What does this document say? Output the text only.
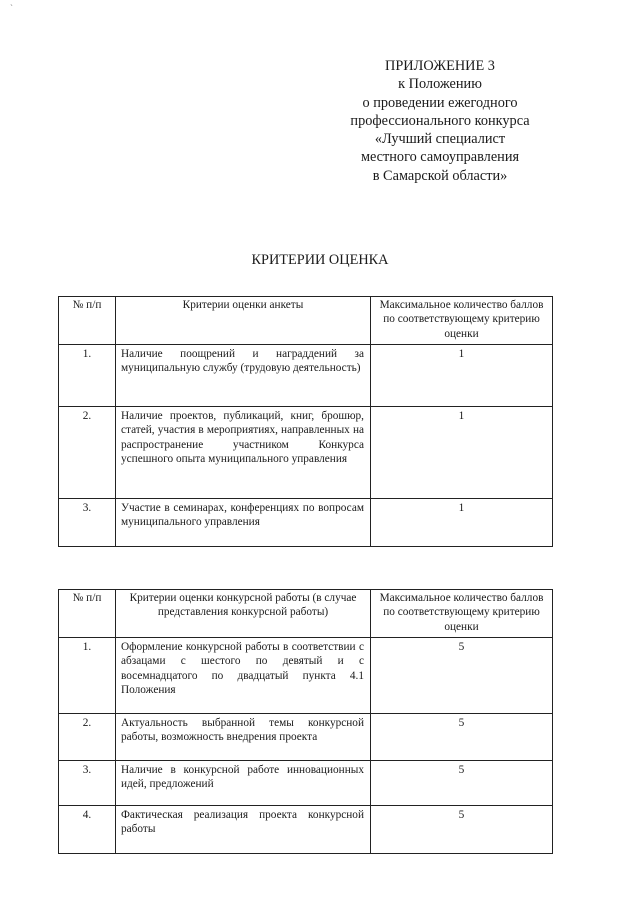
`
ПРИЛОЖЕНИЕ 3
к Положению
о проведении ежегодного
профессионального конкурса
«Лучший специалист
местного самоуправления
в Самарской области»
КРИТЕРИИ ОЦЕНКА
№ п/п	Критерии оценки анкеты	Максимальное количество баллов по соответствующему критерию оценки
1.	Наличие поощрений и награддений за муниципальную службу (трудовую деятельность)	1
2.	Наличие проектов, публикаций, книг, брошюр, статей, участия в мероприятиях, направленных на распространение участником Конкурса успешного опыта муниципального управления	1
3.	Участие в семинарах, конференциях по вопросам муниципального управления	1
№ п/п	Критерии оценки конкурсной работы (в случае представления конкурсной работы)	Максимальное количество баллов по соответствующему критерию оценки
1.	Оформление конкурсной работы в соответствии с абзацами с шестого по девятый и с восемнадцатого по двадцатый пункта 4.1 Положения	5
2.	Актуальность выбранной темы конкурсной работы, возможность внедрения проекта	5
3.	Наличие в конкурсной работе инновационных идей, предложений	5
4.	Фактическая реализация проекта конкурсной работы	5
